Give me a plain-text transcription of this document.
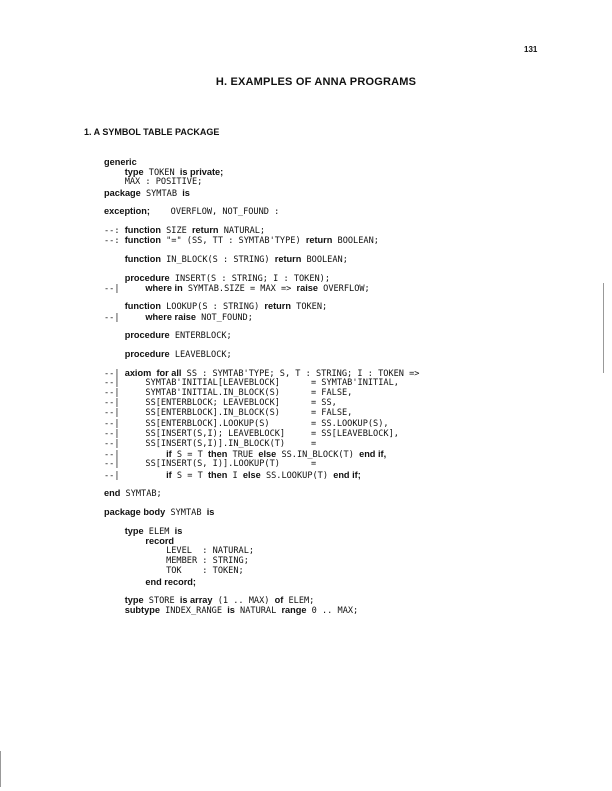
131
H. EXAMPLES OF ANNA PROGRAMS
1. A SYMBOL TABLE PACKAGE
generic
type TOKEN is private;
MAX : POSITIVE;
package SYMTAB is
exception;    OVERFLOW, NOT_FOUND :
--: function SIZE return NATURAL;
--: function "=" (SS, TT : SYMTAB'TYPE) return BOOLEAN;
function IN_BLOCK(S : STRING) return BOOLEAN;
procedure INSERT(S : STRING; I : TOKEN);
--|     where in SYMTAB.SIZE = MAX => raise OVERFLOW;
function LOOKUP(S : STRING) return TOKEN;
--|     where raise NOT_FOUND;
procedure ENTERBLOCK;
procedure LEAVEBLOCK;
--| axiom for all SS : SYMTAB'TYPE; S, T : STRING; I : TOKEN =>
--|     SYMTAB'INITIAL[LEAVEBLOCK]      = SYMTAB'INITIAL,
--|     SYMTAB'INITIAL.IN_BLOCK(S)      = FALSE,
--|     SS[ENTERBLOCK; LEAVEBLOCK]      = SS,
--|     SS[ENTERBLOCK].IN_BLOCK(S)      = FALSE,
--|     SS[ENTERBLOCK].LOOKUP(S)        = SS.LOOKUP(S),
--|     SS[INSERT(S,I); LEAVEBLOCK]     = SS[LEAVEBLOCK],
--|     SS[INSERT(S,I)].IN_BLOCK(T)     =
--|         if S = T then TRUE else SS.IN_BLOCK(T) end if,
--|     SS[INSERT(S, I)].LOOKUP(T)      =
--|         if S = T then I else SS.LOOKUP(T) end if;
end SYMTAB;
package body SYMTAB is
type ELEM is
record
LEVEL  : NATURAL;
MEMBER : STRING;
TOK    : TOKEN;
end record;
type STORE is array (1 .. MAX) of ELEM;
subtype INDEX_RANGE is NATURAL range 0 .. MAX;
